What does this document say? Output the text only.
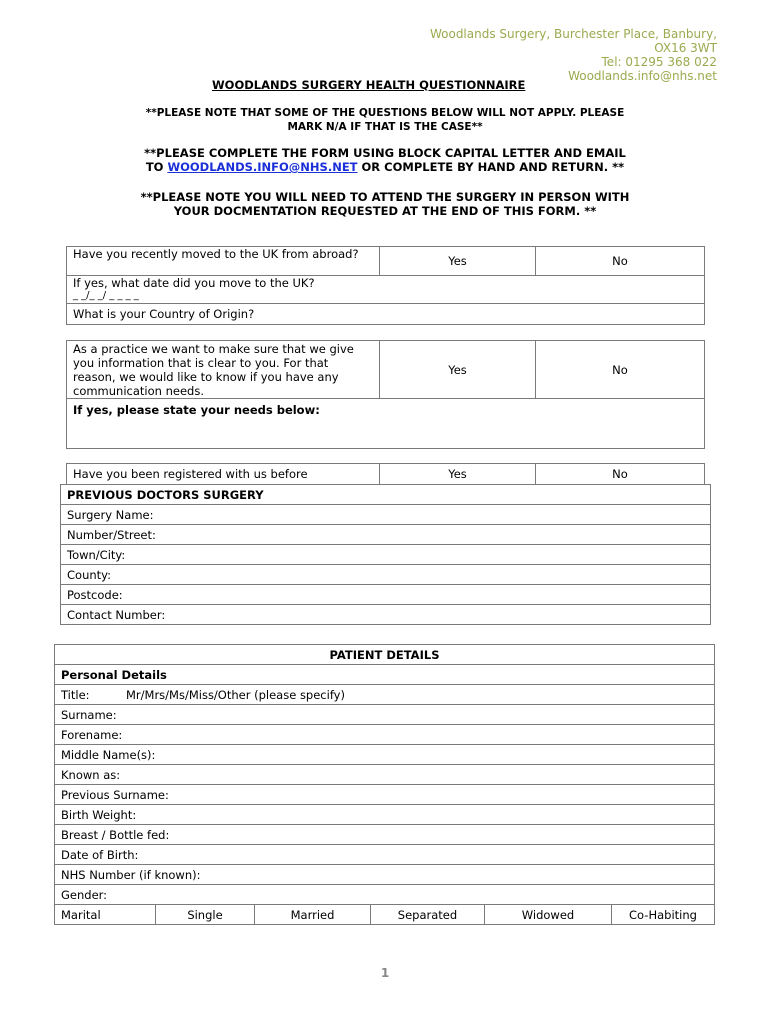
Woodlands Surgery, Burchester Place, Banbury,
OX16 3WT
Tel: 01295 368 022
Woodlands.info@nhs.net
WOODLANDS SURGERY HEALTH QUESTIONNAIRE
**PLEASE NOTE THAT SOME OF THE QUESTIONS BELOW WILL NOT APPLY. PLEASE
MARK N/A IF THAT IS THE CASE**
**PLEASE COMPLETE THE FORM USING BLOCK CAPITAL LETTER AND EMAIL
TO WOODLANDS.INFO@NHS.NET OR COMPLETE BY HAND AND RETURN. **
**PLEASE NOTE YOU WILL NEED TO ATTEND THE SURGERY IN PERSON WITH
YOUR DOCMENTATION REQUESTED AT THE END OF THIS FORM. **
Have you recently moved to the UK from abroad?	Yes	No

If yes, what date did you move to the UK?
_ _/_ _/ _ _ _ _

What is your Country of Origin?
As a practice we want to make sure that we give you information that is clear to you. For that reason, we would like to know if you have any communication needs.	Yes	No
If yes, please state your needs below:
Have you been registered with us before	Yes	No
PREVIOUS DOCTORS SURGERY
Surgery Name:
Number/Street:
Town/City:
County:
Postcode:
Contact Number:
PATIENT DETAILS
Personal Details
Title:	Mr/Mrs/Ms/Miss/Other (please specify)
Surname:
Forename:
Middle Name(s):
Known as:
Previous Surname:
Birth Weight:
Breast / Bottle fed:
Date of Birth:
NHS Number (if known):
Gender:
Marital	Single	Married	Separated	Widowed	Co-Habiting
1
